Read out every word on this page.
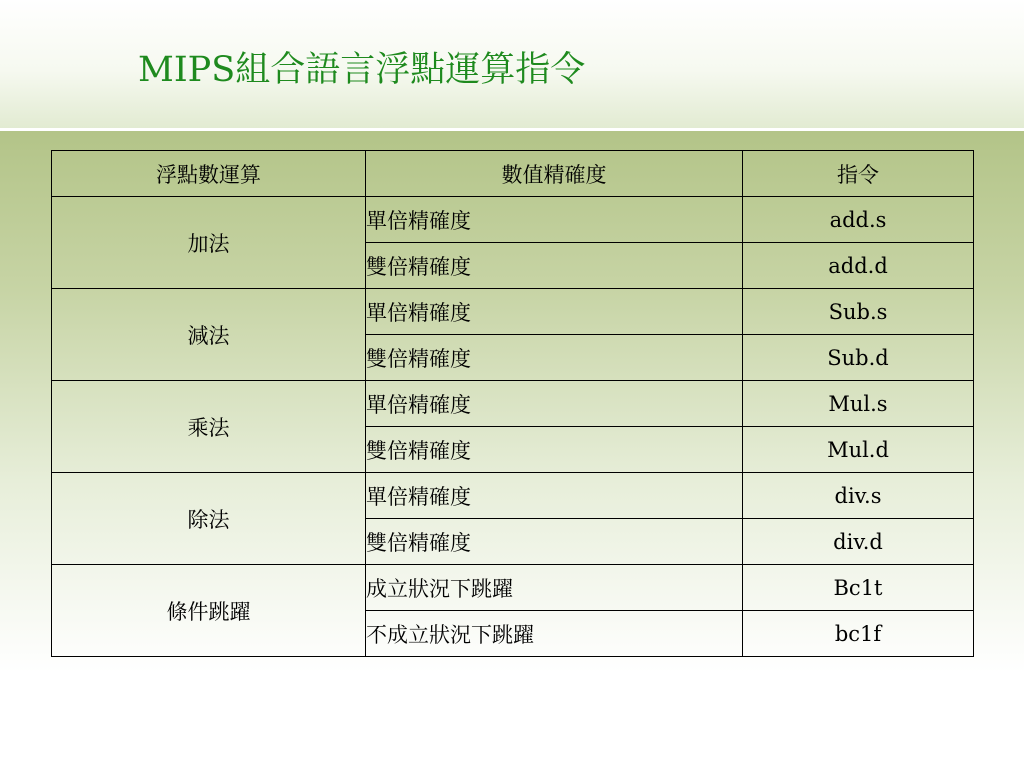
MIPS組合語言浮點運算指令
浮點數運算	數值精確度	指令
加法	單倍精確度	add.s
	雙倍精確度	add.d
減法	單倍精確度	Sub.s
	雙倍精確度	Sub.d
乘法	單倍精確度	Mul.s
	雙倍精確度	Mul.d
除法	單倍精確度	div.s
	雙倍精確度	div.d
條件跳躍	成立狀況下跳躍	Bc1t
	不成立狀況下跳躍	bc1f
